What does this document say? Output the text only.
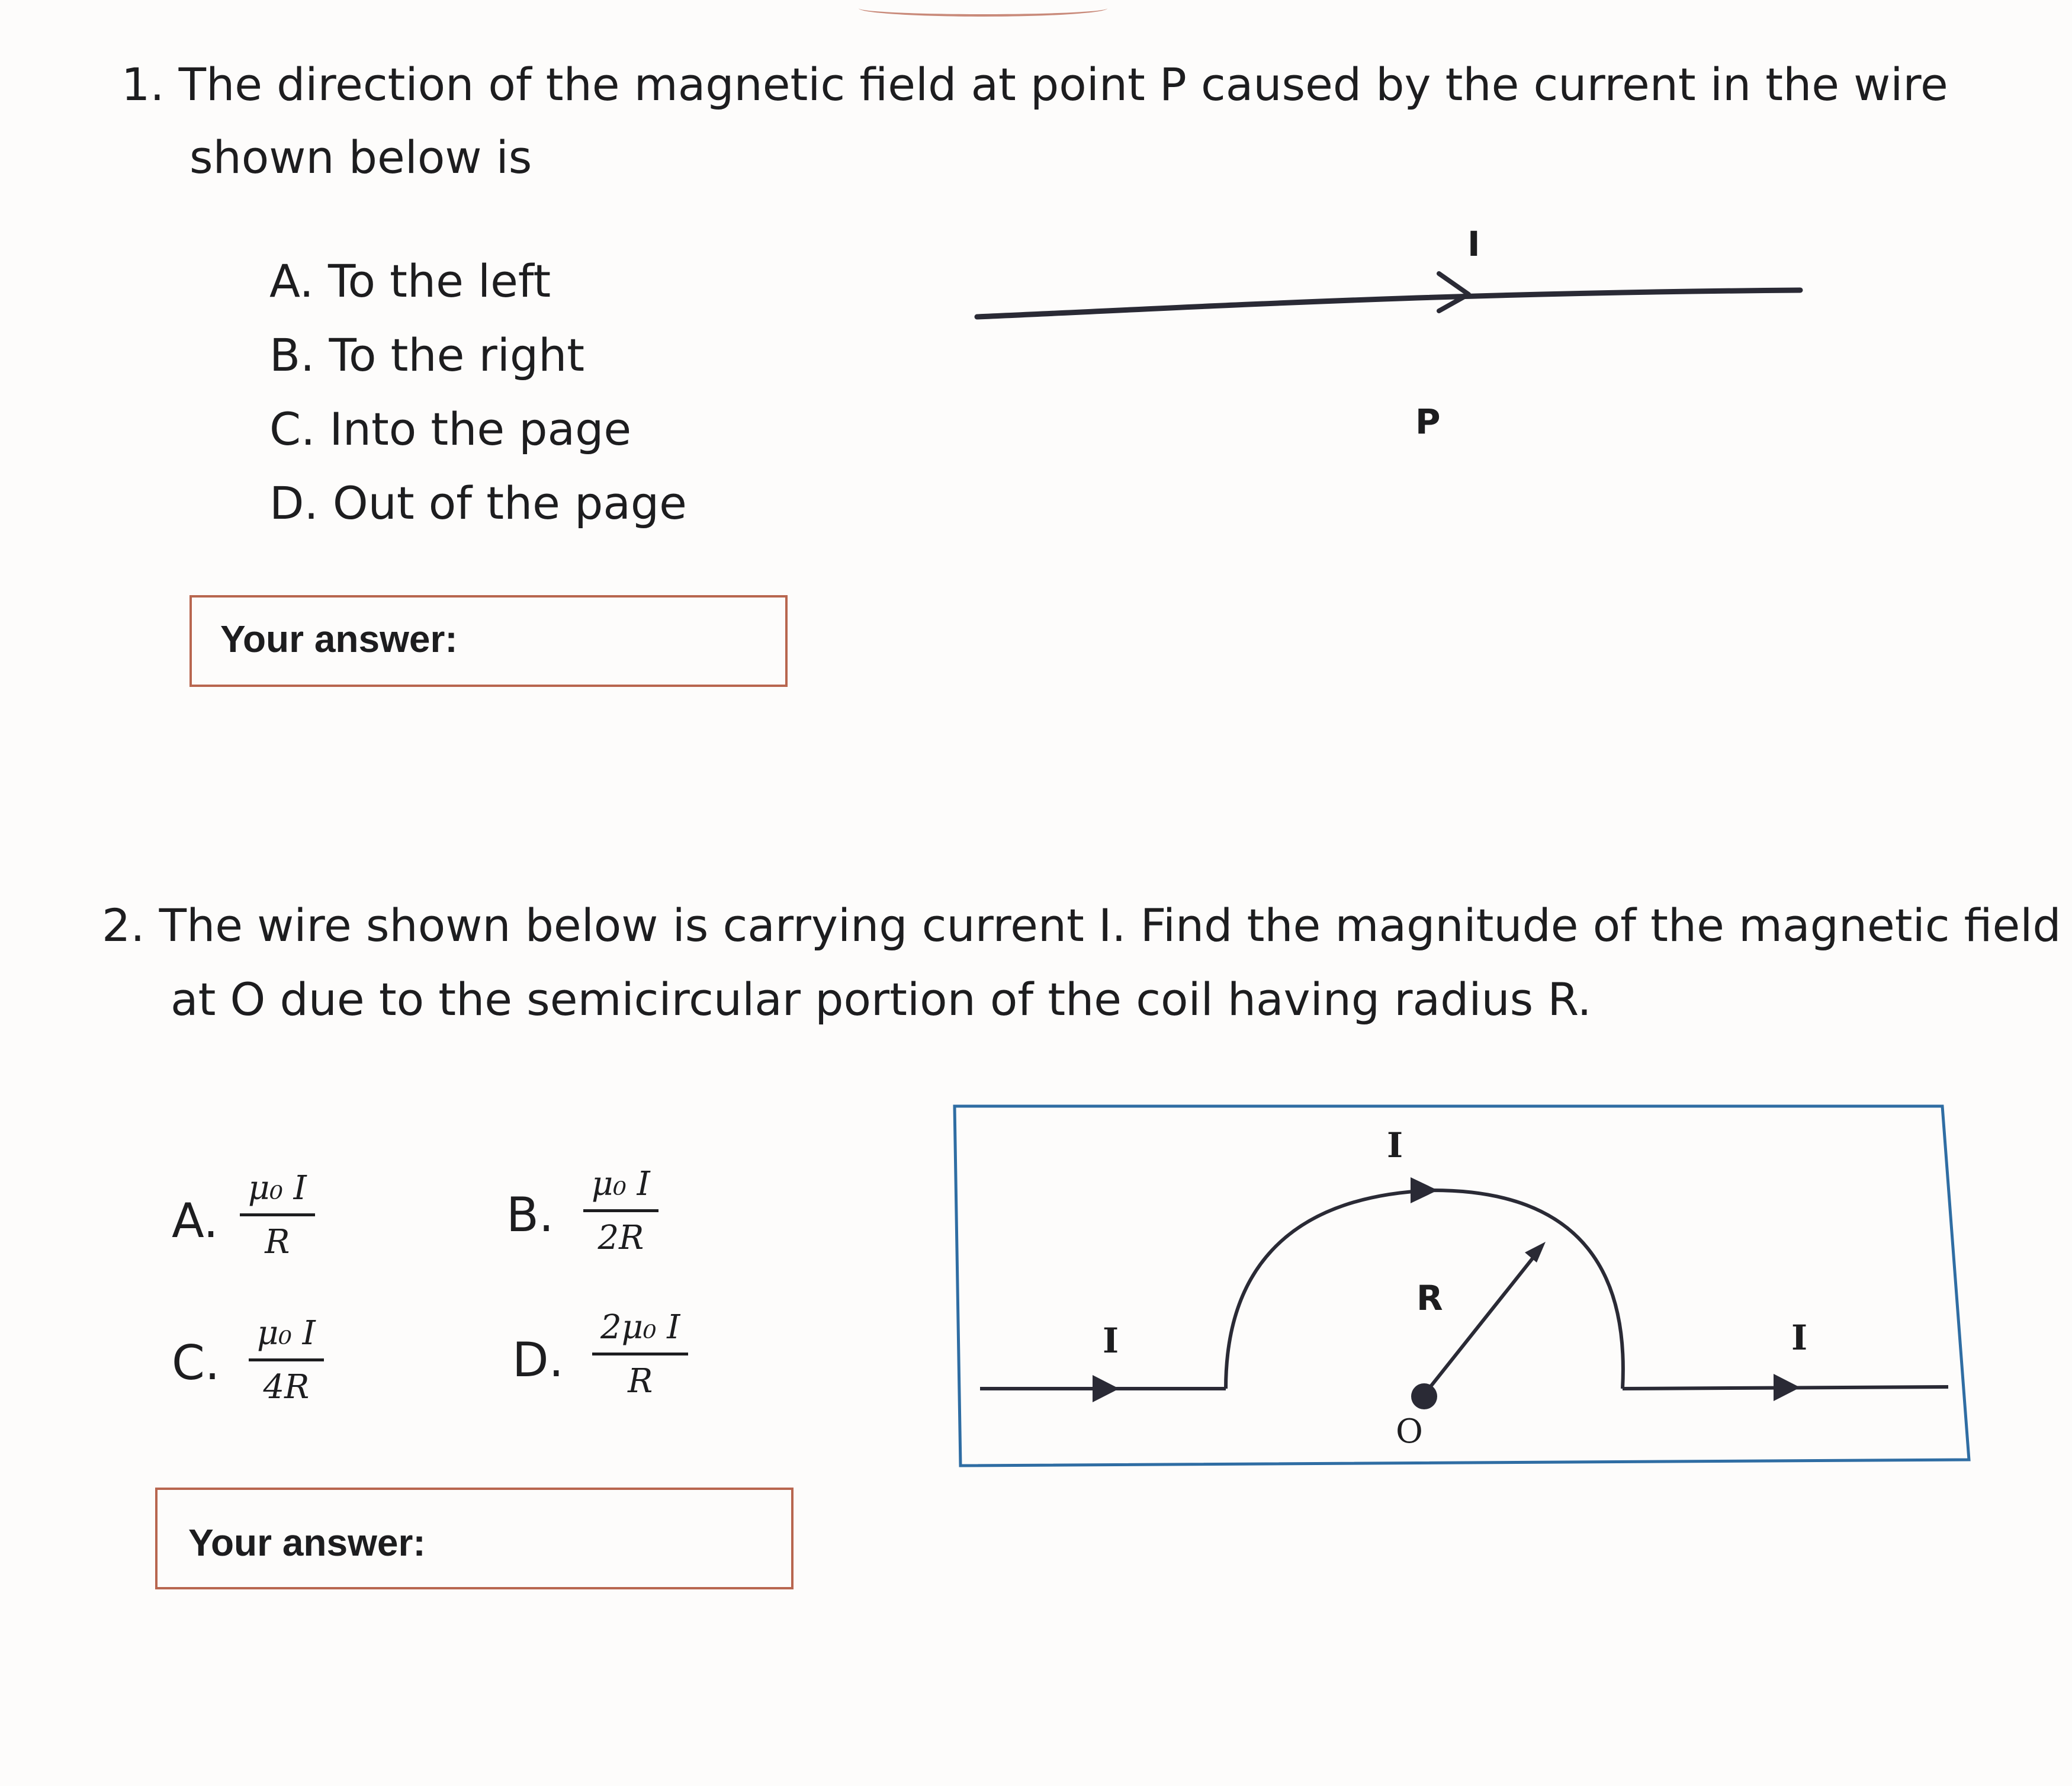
1. The direction of the magnetic field at point P caused by the current in the wire
shown below is
A. To the left
B. To the right
C. Into the page
D. Out of the page
I
P
Your answer:
2. The wire shown below is carrying current I. Find the magnitude of the magnetic field
at O due to the semicircular portion of the coil having radius R.
A. $\frac{\text{μ₀ I}}{R}$	B. $\frac{\text{μ₀ I}}{2R}$
C. $\frac{\text{μ₀ I}}{4R}$	D. $\frac{\text{2μ₀ I}}{R}$
I
I	I
R
O
Your answer:
